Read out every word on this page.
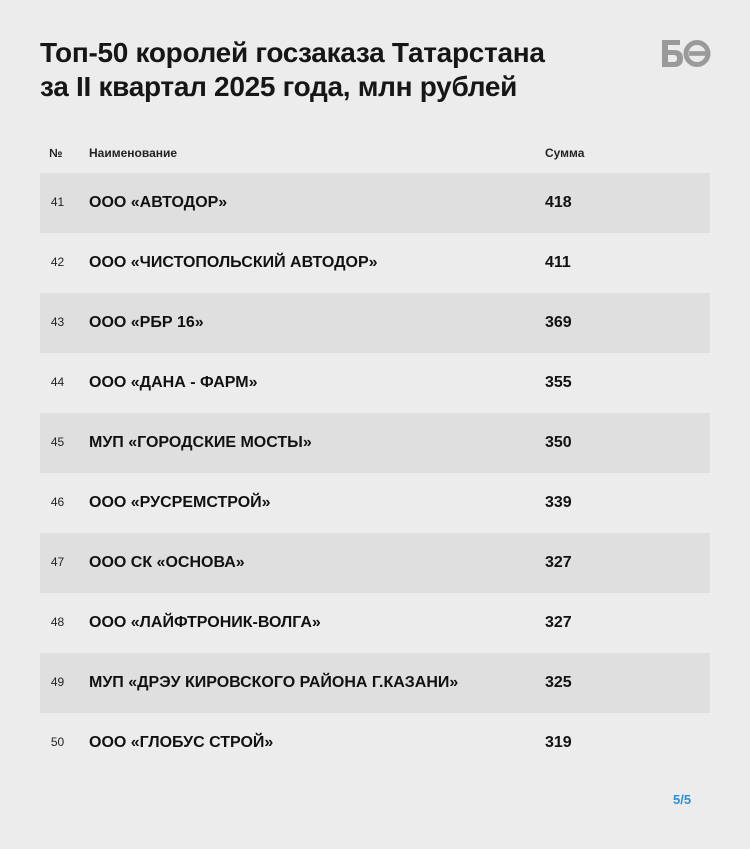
Топ-50 королей госзаказа Татарстана
за II квартал 2025 года, млн рублей
№ Наименование	Сумма
41	ООО «АВТОДОР»	418
42	ООО «ЧИСТОПОЛЬСКИЙ АВТОДОР»	411
43	ООО «РБР 16»	369
44	ООО «ДАНА - ФАРМ»	355
45	МУП «ГОРОДСКИЕ МОСТЫ»	350
46	ООО «РУСРЕМСТРОЙ»	339
47	ООО СК «ОСНОВА»	327
48	ООО «ЛАЙФТРОНИК-ВОЛГА»	327
49	МУП «ДРЭУ КИРОВСКОГО РАЙОНА Г.КАЗАНИ»	325
50	ООО «ГЛОБУС СТРОЙ»	319
5/5
